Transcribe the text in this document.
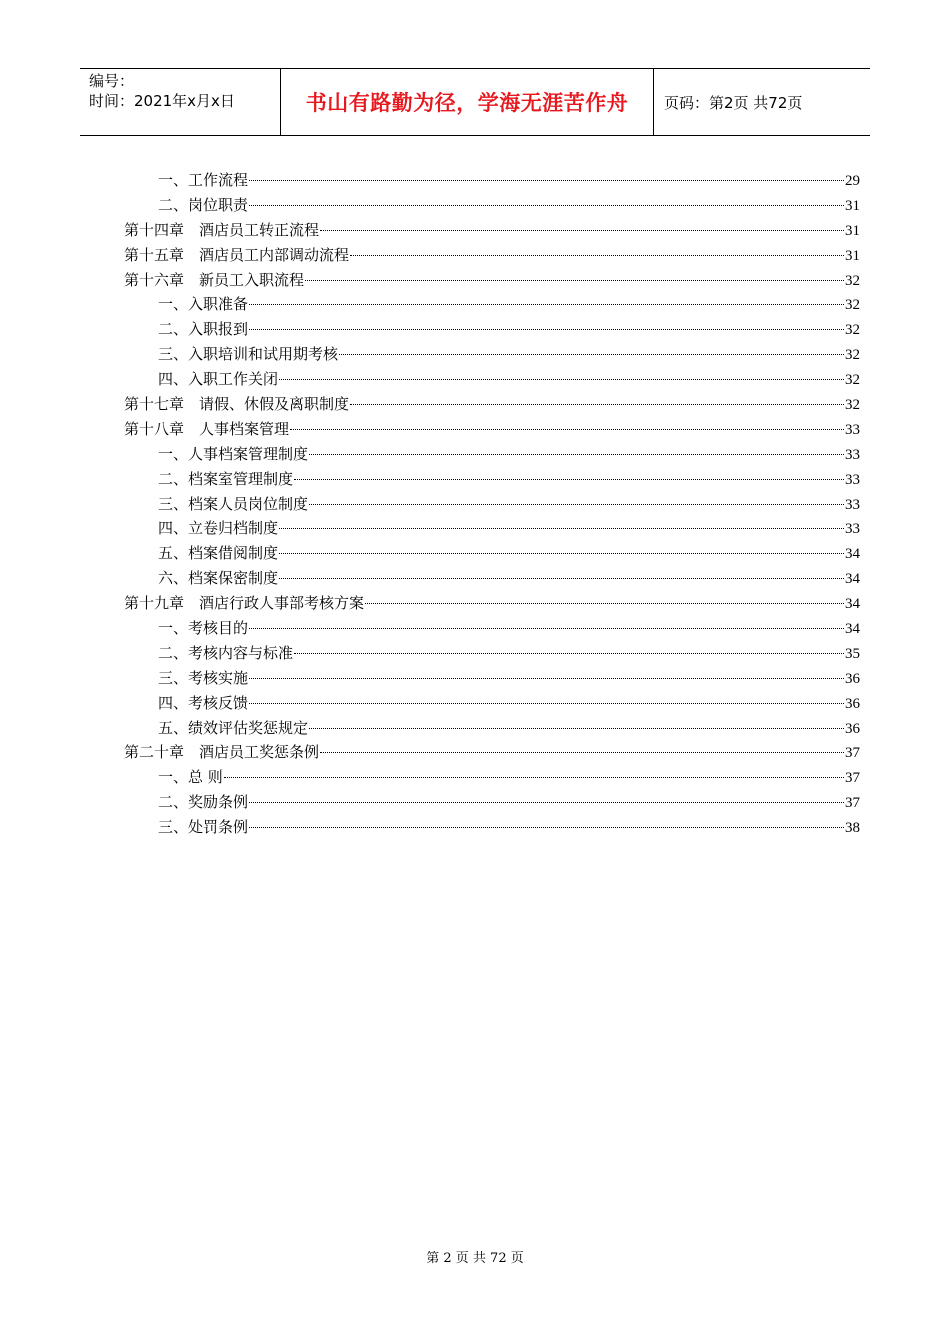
编号：
时间：2021年x月x日	书山有路勤为径，学海无涯苦作舟	页码：第2页 共72页
一、工作流程	29
二、岗位职责	31
第十四章　酒店员工转正流程	31
第十五章　酒店员工内部调动流程	31
第十六章　新员工入职流程	32
一、入职准备	32
二、入职报到	32
三、入职培训和试用期考核	32
四、入职工作关闭	32
第十七章　请假、休假及离职制度	32
第十八章　人事档案管理	33
一、人事档案管理制度	33
二、档案室管理制度	33
三、档案人员岗位制度	33
四、立卷归档制度	33
五、档案借阅制度	34
六、档案保密制度	34
第十九章　酒店行政人事部考核方案	34
一、考核目的	34
二、考核内容与标准	35
三、考核实施	36
四、考核反馈	36
五、绩效评估奖惩规定	36
第二十章　酒店员工奖惩条例	37
一、总 则	37
二、奖励条例	37
三、处罚条例	38
第 2 页 共 72 页
